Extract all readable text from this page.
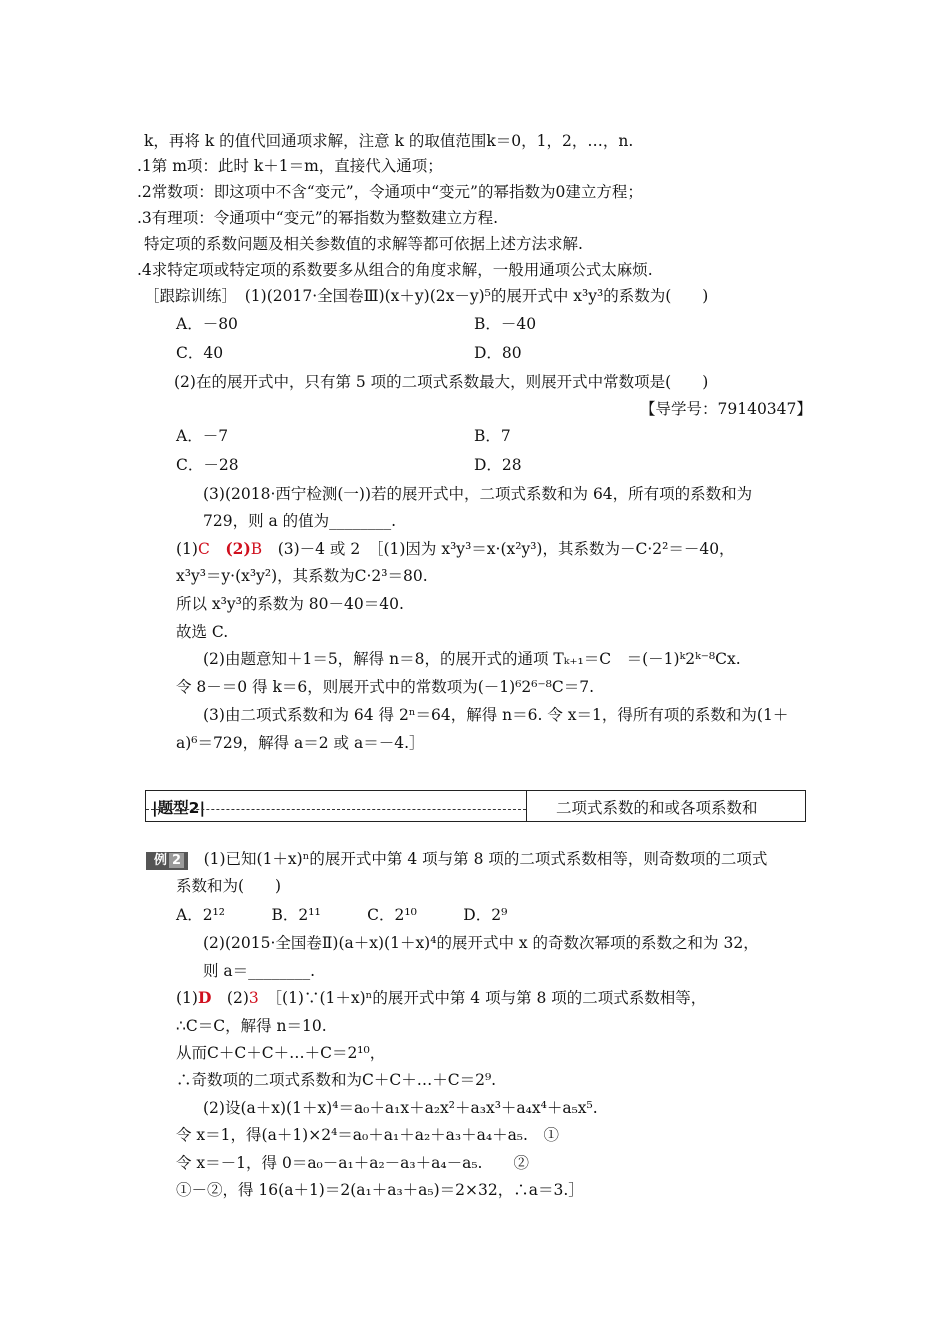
k，再将 k 的值代回通项求解，注意 k 的取值范围k＝0，1，2，…，n.
.1第 m项：此时 k＋1＝m，直接代入通项；
.2常数项：即这项中不含“变元”，令通项中“变元”的幂指数为0建立方程；
.3有理项：令通项中“变元”的幂指数为整数建立方程.
特定项的系数问题及相关参数值的求解等都可依据上述方法求解.
.4求特定项或特定项的系数要多从组合的角度求解，一般用通项公式太麻烦.
［跟踪训练］　(1)(2017·全国卷Ⅲ)(x＋y)(2x－y)⁵的展开式中 x³y³的系数为(　　)
A．－80	B．－40
C．40	D．80
(2)在的展开式中，只有第 5 项的二项式系数最大，则展开式中常数项是(　　)
【导学号：79140347】
A．－7	B．7
C．－28	D．28
(3)(2018·西宁检测(一))若的展开式中，二项式系数和为 64，所有项的系数和为
729，则 a 的值为________.
x³y³＝y·(x³y²)，其系数为C·2³＝80.
所以 x³y³的系数为 80－40＝40.
故选 C.
(2)由题意知＋1＝5，解得 n＝8，的展开式的通项 Tₖ₊₁＝C　＝(－1)ᵏ2ᵏ⁻⁸Cx.
令 8－＝0 得 k＝6，则展开式中的常数项为(－1)⁶2⁶⁻⁸C＝7.
(3)由二项式系数和为 64 得 2ⁿ＝64，解得 n＝6. 令 x＝1，得所有项的系数和为(1＋
a)⁶＝729，解得 a＝2 或 a＝－4.］
系数和为(　　)
A．2¹²　　　B．2¹¹　　　C．2¹⁰　　　D．2⁹
(2)(2015·全国卷Ⅱ)(a＋x)(1＋x)⁴的展开式中 x 的奇数次幂项的系数之和为 32，
则 a＝________.
∴C＝C，解得 n＝10.
从而C＋C＋C＋…＋C＝2¹⁰，
∴奇数项的二项式系数和为C＋C＋…＋C＝2⁹.
(2)设(a＋x)(1＋x)⁴＝a₀＋a₁x＋a₂x²＋a₃x³＋a₄x⁴＋a₅x⁵.
令 x＝1，得(a＋1)×2⁴＝a₀＋a₁＋a₂＋a₃＋a₄＋a₅.　①
令 x＝－1，得 0＝a₀－a₁＋a₂－a₃＋a₄－a₅.　　②
①－②，得 16(a＋1)＝2(a₁＋a₃＋a₅)＝2×32，∴a＝3.］
(1)C　(2)B　(3)－4 或 2　［(1)因为 x³y³＝x·(x²y³)，其系数为－C·2²＝－40，
|题型2|	二项式系数的和或各项系数和
例 2　(1)已知(1＋x)ⁿ的展开式中第 4 项与第 8 项的二项式系数相等，则奇数项的二项式
(1)D　(2)3　［(1)∵(1＋x)ⁿ的展开式中第 4 项与第 8 项的二项式系数相等，
